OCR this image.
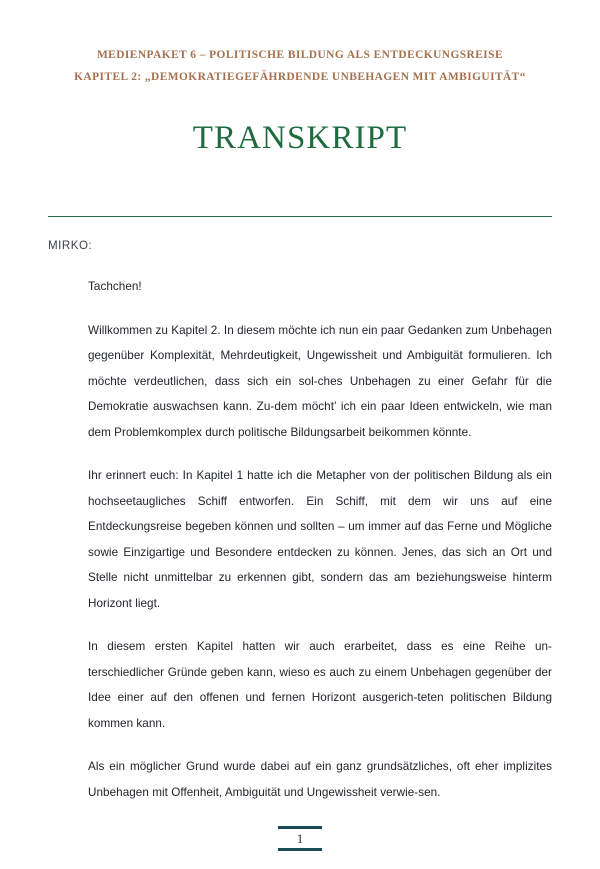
MEDIENPAKET 6 – POLITISCHE BILDUNG ALS ENTDECKUNGSREISE
KAPITEL 2: „DEMOKRATIEGEFÄHRDENDE UNBEHAGEN MIT AMBIGUITÄT“
TRANSKRIPT
MIRKO:

Tachchen!

Willkommen zu Kapitel 2. In diesem möchte ich nun ein paar Gedanken zum Unbehagen gegenüber Komplexität, Mehrdeutigkeit, Ungewissheit und Ambiguität formulieren. Ich möchte verdeutlichen, dass sich ein sol-ches Unbehagen zu einer Gefahr für die Demokratie auswachsen kann. Zu-dem möcht’ ich ein paar Ideen entwickeln, wie man dem Problemkomplex durch politische Bildungsarbeit beikommen könnte.

Ihr erinnert euch: In Kapitel 1 hatte ich die Metapher von der politischen Bildung als ein hochseetaugliches Schiff entworfen. Ein Schiff, mit dem wir uns auf eine Entdeckungsreise begeben können und sollten – um immer auf das Ferne und Mögliche sowie Einzigartige und Besondere entdecken zu können. Jenes, das sich an Ort und Stelle nicht unmittelbar zu erkennen gibt, sondern das am beziehungsweise hinterm Horizont liegt.

In diesem ersten Kapitel hatten wir auch erarbeitet, dass es eine Reihe un-terschiedlicher Gründe geben kann, wieso es auch zu einem Unbehagen gegenüber der Idee einer auf den offenen und fernen Horizont ausgerich-teten politischen Bildung kommen kann.

Als ein möglicher Grund wurde dabei auf ein ganz grundsätzliches, oft eher implizites Unbehagen mit Offenheit, Ambiguität und Ungewissheit verwie-sen.

1
